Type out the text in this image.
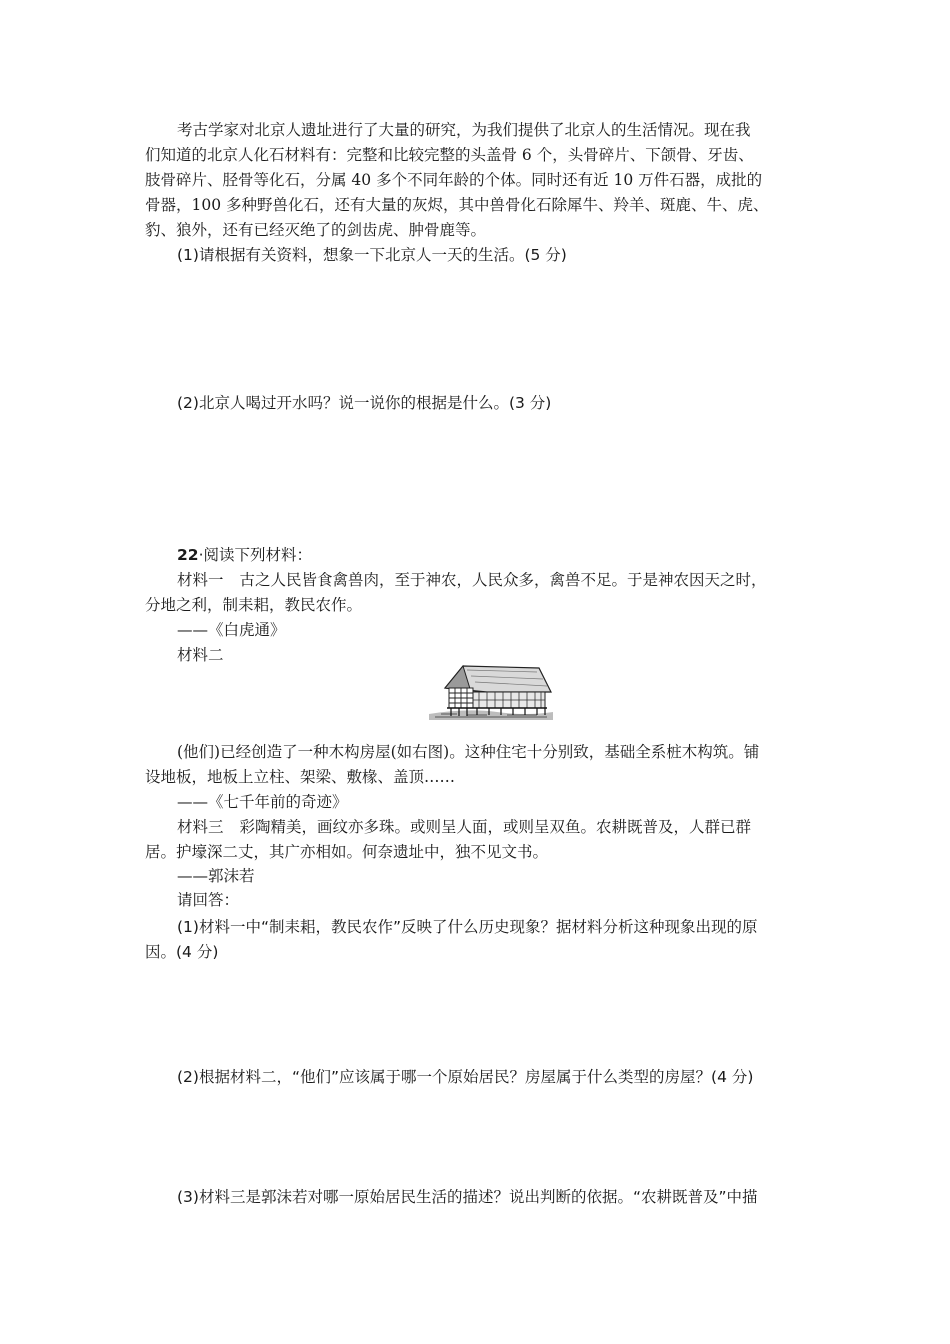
考古学家对北京人遗址进行了大量的研究，为我们提供了北京人的生活情况。现在我
们知道的北京人化石材料有：完整和比较完整的头盖骨 6 个，头骨碎片、下颌骨、牙齿、
肢骨碎片、胫骨等化石，分属 40 多个不同年龄的个体。同时还有近 10 万件石器，成批的
骨器，100 多种野兽化石，还有大量的灰烬，其中兽骨化石除犀牛、羚羊、斑鹿、牛、虎、
豹、狼外，还有已经灭绝了的剑齿虎、肿骨鹿等。
(1)请根据有关资料，想象一下北京人一天的生活。(5 分)
(2)北京人喝过开水吗？说一说你的根据是什么。(3 分)
22·阅读下列材料：
材料一 古之人民皆食禽兽肉，至于神农，人民众多，禽兽不足。于是神农因天之时，
分地之利，制耒耜，教民农作。
——《白虎通》
材料二
(他们)已经创造了一种木构房屋(如右图)。这种住宅十分别致，基础全系桩木构筑。铺
设地板，地板上立柱、架梁、敷椽、盖顶……
——《七千年前的奇迹》
材料三 彩陶精美，画纹亦多珠。或则呈人面，或则呈双鱼。农耕既普及，人群已群
居。护壕深二丈，其广亦相如。何奈遗址中，独不见文书。
——郭沫若
请回答：
(1)材料一中“制耒耜，教民农作”反映了什么历史现象？据材料分析这种现象出现的原
因。(4 分)
(2)根据材料二，“他们”应该属于哪一个原始居民？房屋属于什么类型的房屋？(4 分)
(3)材料三是郭沫若对哪一原始居民生活的描述？说出判断的依据。“农耕既普及”中描
